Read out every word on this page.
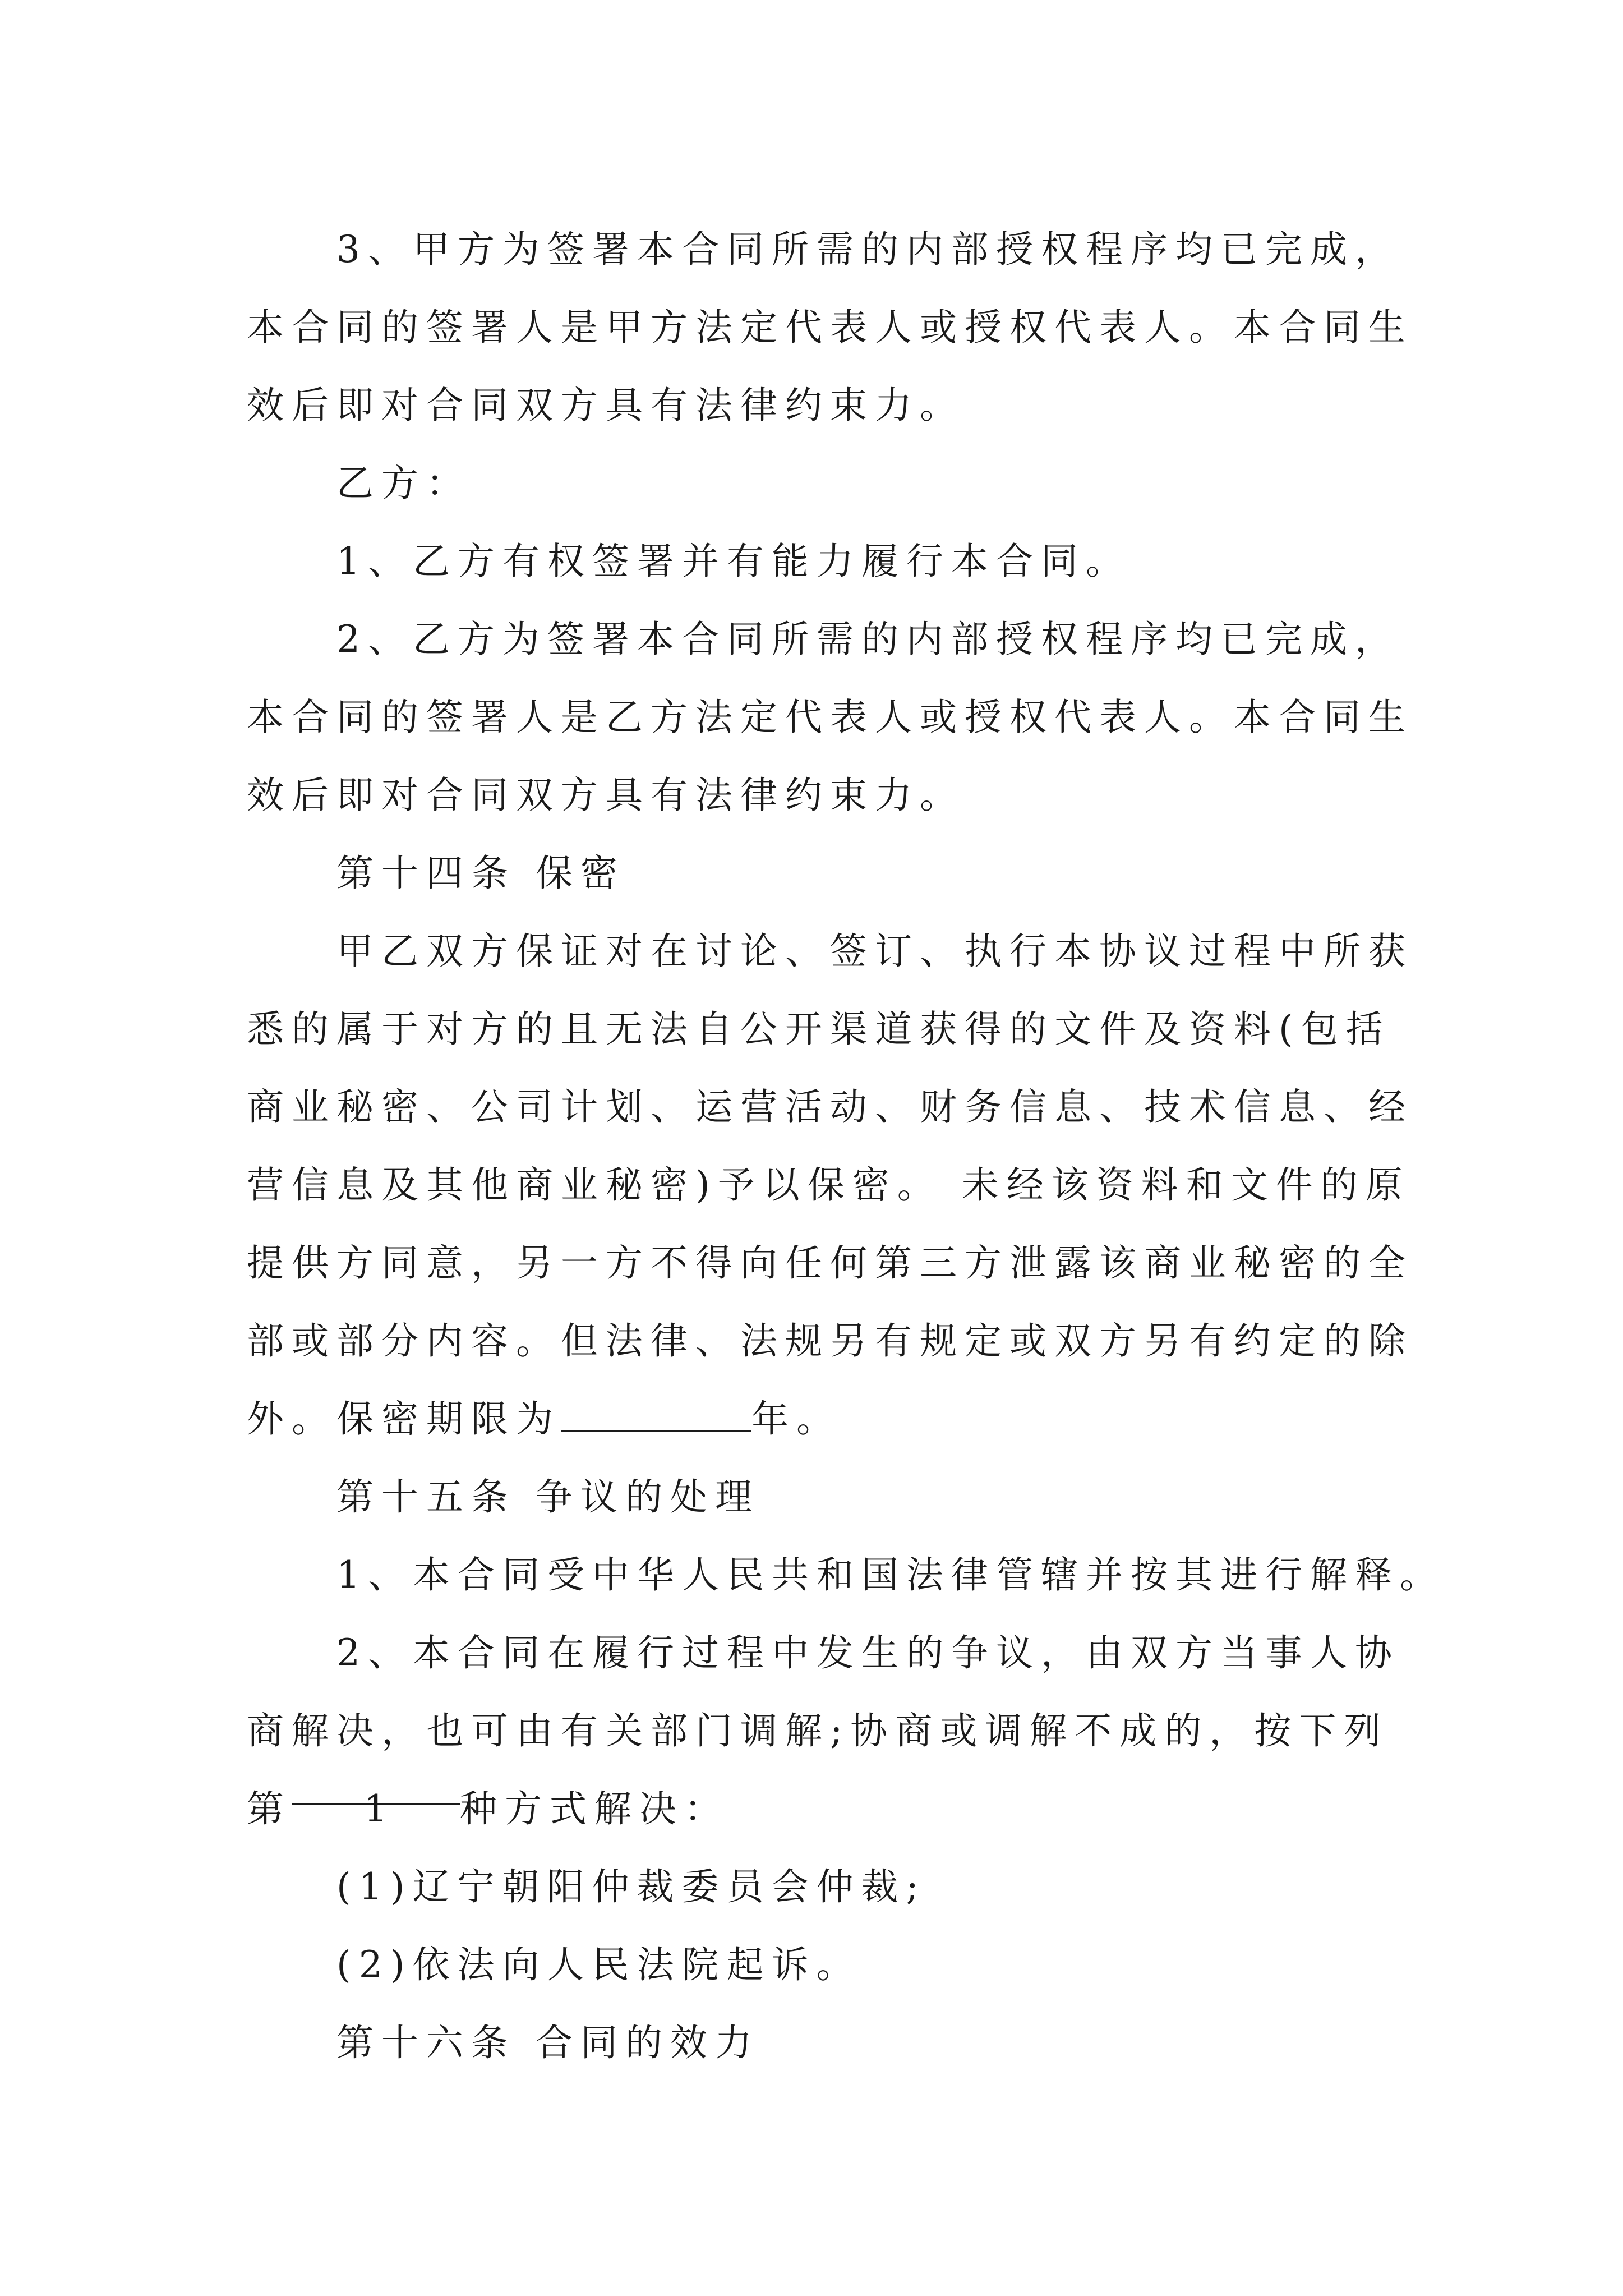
3、甲方为签署本合同所需的内部授权程序均已完成，
本合同的签署人是甲方法定代表人或授权代表人。本合同生
效后即对合同双方具有法律约束力。
乙方：
1、乙方有权签署并有能力履行本合同。
2、乙方为签署本合同所需的内部授权程序均已完成，
本合同的签署人是乙方法定代表人或授权代表人。本合同生
效后即对合同双方具有法律约束力。
第十四条 保密
甲乙双方保证对在讨论、签订、执行本协议过程中所获
悉的属于对方的且无法自公开渠道获得的文件及资料(包括
商业秘密、公司计划、运营活动、财务信息、技术信息、经
营信息及其他商业秘密)予以保密。 未经该资料和文件的原
提供方同意，另一方不得向任何第三方泄露该商业秘密的全
部或部分内容。但法律、法规另有规定或双方另有约定的除
外。保密期限为	年。
第十五条 争议的处理
1、本合同受中华人民共和国法律管辖并按其进行解释。
2、本合同在履行过程中发生的争议，由双方当事人协
商解决，也可由有关部门调解;协商或调解不成的，按下列
第 1 种方式解决：
(1)辽宁朝阳仲裁委员会仲裁;
(2)依法向人民法院起诉。
第十六条 合同的效力
